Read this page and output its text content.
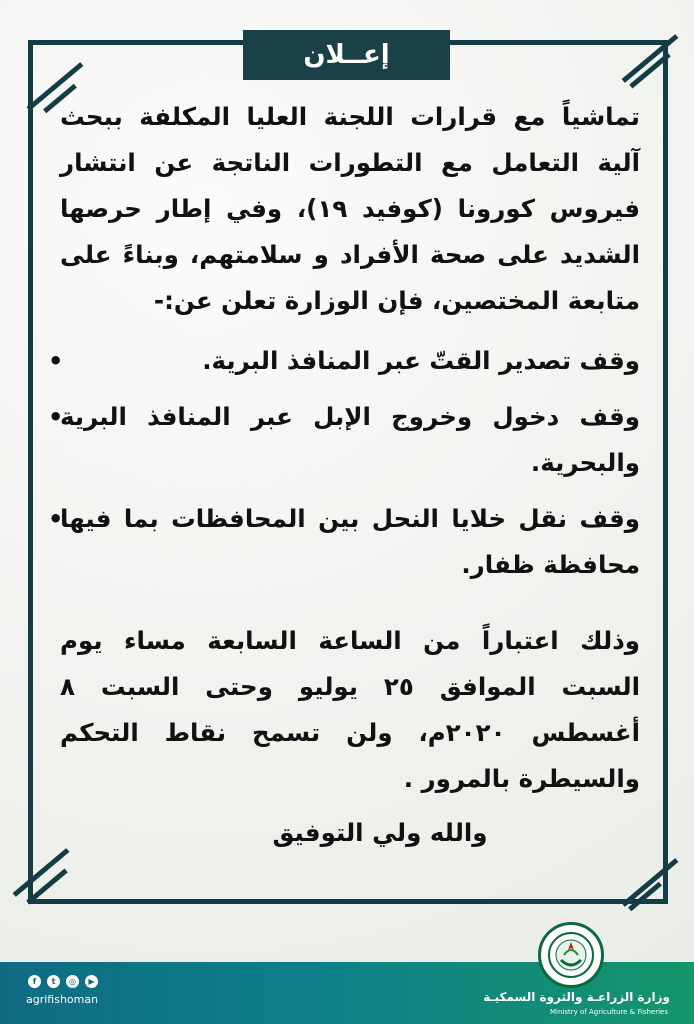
إعــلان

تماشياً مع قرارات اللجنة العليا المكلفة ببحث آلية التعامل مع التطورات الناتجة عن انتشار فيروس كورونا (كوفيد ١٩)، وفي إطار حرصها الشديد على صحة الأفراد و سلامتهم، وبناءً على متابعة المختصين، فإن الوزارة تعلن عن:-

وقف تصدير القتّ عبر المنافذ البرية.
•
وقف دخول وخروج الإبل عبر المنافذ البرية والبحرية.
•
وقف نقل خلايا النحل بين المحافظات بما فيها محافظة ظفار.
•

وذلك اعتباراً من الساعة السابعة مساء يوم السبت الموافق ٢٥ يوليو وحتى السبت ٨ أغسطس ٢٠٢٠م، ولن تسمح نقاط التحكم والسيطرة بالمرور .

والله ولي التوفيق

f	t	◎	▶
agrifishoman	وزارة الزراعـة والثروة السمكيـة
Ministry of Agriculture & Fisheries
